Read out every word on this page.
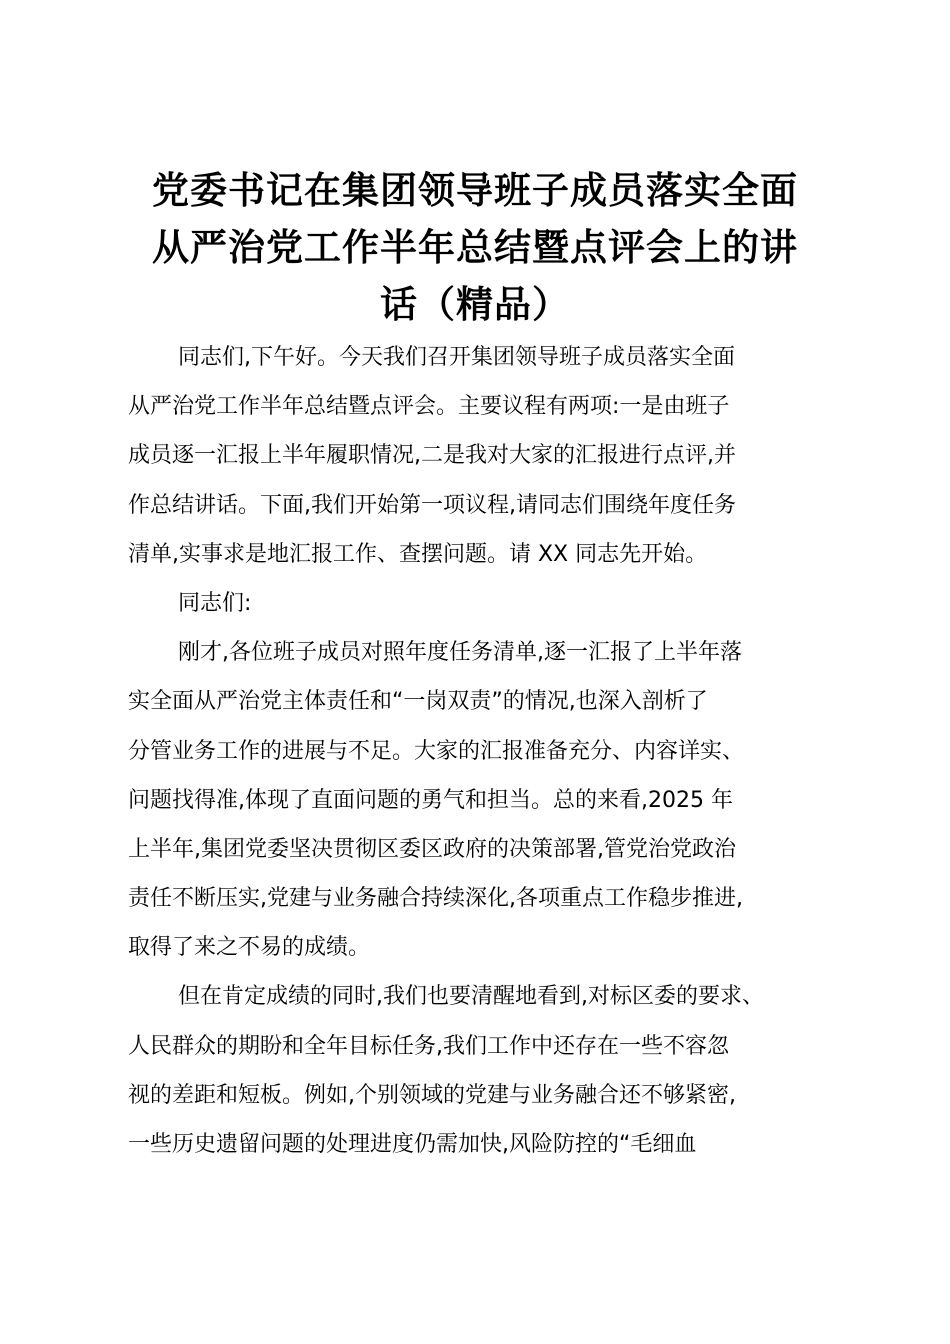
党委书记在集团领导班子成员落实全面
从严治党工作半年总结暨点评会上的讲
话（精品）
同志们,下午好。今天我们召开集团领导班子成员落实全面
从严治党工作半年总结暨点评会。主要议程有两项:一是由班子
成员逐一汇报上半年履职情况,二是我对大家的汇报进行点评,并
作总结讲话。下面,我们开始第一项议程,请同志们围绕年度任务
清单,实事求是地汇报工作、查摆问题。请 XX 同志先开始。
同志们:
刚才,各位班子成员对照年度任务清单,逐一汇报了上半年落
实全面从严治党主体责任和“一岗双责”的情况,也深入剖析了
分管业务工作的进展与不足。大家的汇报准备充分、内容详实、
问题找得准,体现了直面问题的勇气和担当。总的来看,2025 年
上半年,集团党委坚决贯彻区委区政府的决策部署,管党治党政治
责任不断压实,党建与业务融合持续深化,各项重点工作稳步推进,
取得了来之不易的成绩。
但在肯定成绩的同时,我们也要清醒地看到,对标区委的要求、
人民群众的期盼和全年目标任务,我们工作中还存在一些不容忽
视的差距和短板。例如,个别领域的党建与业务融合还不够紧密,
一些历史遗留问题的处理进度仍需加快,风险防控的“毛细血
